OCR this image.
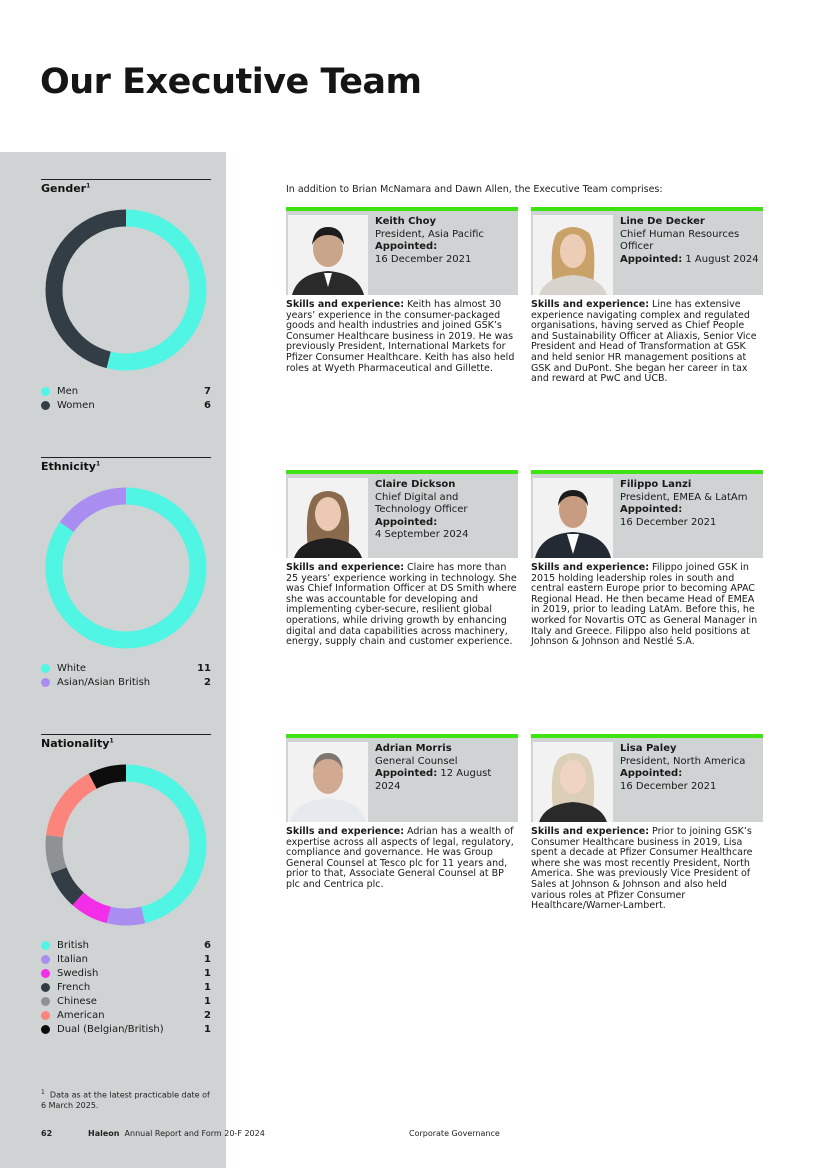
Our Executive Team
Gender$^1$
Men	7
Women	6
Ethnicity$^1$
White	11
Asian/Asian British	2
Nationality$^1$
British	6
Italian	1
Swedish	1
French	1
Chinese	1
American	2
Dual (Belgian/British)	1
$^1$ Data as at the latest practicable date of 6 March 2025.
62	Haleon Annual Report and Form 20-F 2024	Corporate Governance
In addition to Brian McNamara and Dawn Allen, the Executive Team comprises:
Keith Choy
President, Asia Pacific
Appointed:
16 December 2021

Skills and experience: Keith has almost 30 years’ experience in the consumer-packaged goods and health industries and joined GSK’s Consumer Healthcare business in 2019. He was previously President, International Markets for Pfizer Consumer Healthcare. Keith has also held roles at Wyeth Pharmaceutical and Gillette.

Line De Decker
Chief Human Resources Officer
Appointed: 1 August 2024

Skills and experience: Line has extensive experience navigating complex and regulated organisations, having served as Chief People and Sustainability Officer at Aliaxis, Senior Vice President and Head of Transformation at GSK and held senior HR management positions at GSK and DuPont. She began her career in tax and reward at PwC and UCB.

Claire Dickson
Chief Digital and Technology Officer
Appointed:
4 September 2024

Skills and experience: Claire has more than 25 years’ experience working in technology. She was Chief Information Officer at DS Smith where she was accountable for developing and implementing cyber-secure, resilient global operations, while driving growth by enhancing digital and data capabilities across machinery, energy, supply chain and customer experience.

Filippo Lanzi
President, EMEA & LatAm
Appointed:
16 December 2021

Skills and experience: Filippo joined GSK in 2015 holding leadership roles in south and central eastern Europe prior to becoming APAC Regional Head. He then became Head of EMEA in 2019, prior to leading LatAm. Before this, he worked for Novartis OTC as General Manager in Italy and Greece. Filippo also held positions at Johnson & Johnson and Nestlé S.A.

Adrian Morris
General Counsel
Appointed: 12 August 2024

Skills and experience: Adrian has a wealth of expertise across all aspects of legal, regulatory, compliance and governance. He was Group General Counsel at Tesco plc for 11 years and, prior to that, Associate General Counsel at BP plc and Centrica plc.

Lisa Paley
President, North America
Appointed:
16 December 2021

Skills and experience: Prior to joining GSK’s Consumer Healthcare business in 2019, Lisa spent a decade at Pfizer Consumer Healthcare where she was most recently President, North America. She was previously Vice President of Sales at Johnson & Johnson and also held various roles at Pfizer Consumer Healthcare/Warner-Lambert.
